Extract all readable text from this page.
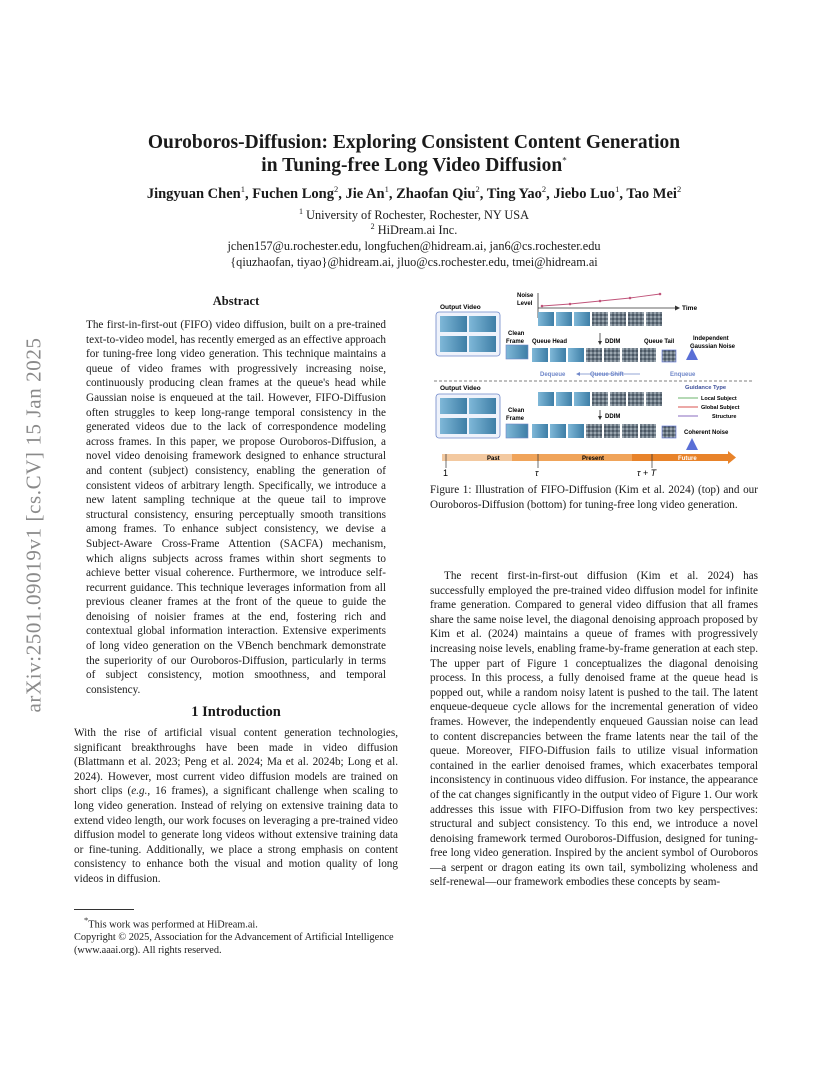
arXiv:2501.09019v1 [cs.CV] 15 Jan 2025
Ouroboros-Diffusion: Exploring Consistent Content Generation
in Tuning-free Long Video Diffusion*
Jingyuan Chen$^1$, Fuchen Long$^2$, Jie An$^1$, Zhaofan Qiu$^2$, Ting Yao$^2$, Jiebo Luo$^1$, Tao Mei$^2$
$^1$ University of Rochester, Rochester, NY USA
$^2$ HiDream.ai Inc.
jchen157@u.rochester.edu, longfuchen@hidream.ai, jan6@cs.rochester.edu
{qiuzhaofan, tiyao}@hidream.ai, jluo@cs.rochester.edu, tmei@hidream.ai
Abstract
The first-in-first-out (FIFO) video diffusion, built on a pre-trained text-to-video model, has recently emerged as an effective approach for tuning-free long video generation. This technique maintains a queue of video frames with progressively increasing noise, continuously producing clean frames at the queue's head while Gaussian noise is enqueued at the tail. However, FIFO-Diffusion often struggles to keep long-range temporal consistency in the generated videos due to the lack of correspondence modeling across frames. In this paper, we propose Ouroboros-Diffusion, a novel video denoising framework designed to enhance structural and content (subject) consistency, enabling the generation of consistent videos of arbitrary length. Specifically, we introduce a new latent sampling technique at the queue tail to improve structural consistency, ensuring perceptually smooth transitions among frames. To enhance subject consistency, we devise a Subject-Aware Cross-Frame Attention (SACFA) mechanism, which aligns subjects across frames within short segments to achieve better visual coherence. Furthermore, we introduce self-recurrent guidance. This technique leverages information from all previous cleaner frames at the front of the queue to guide the denoising of noisier frames at the end, fostering rich and contextual global information interaction. Extensive experiments of long video generation on the VBench benchmark demonstrate the superiority of our Ouroboros-Diffusion, particularly in terms of subject consistency, motion smoothness, and temporal consistency.
1 Introduction
With the rise of artificial visual content generation technologies, significant breakthroughs have been made in video diffusion (Blattmann et al. 2023; Peng et al. 2024; Ma et al. 2024b; Long et al. 2024). However, most current video diffusion models are trained on short clips (e.g., 16 frames), a significant challenge when scaling to long video generation. Instead of relying on extensive training data to extend video length, our work focuses on leveraging a pre-trained video diffusion model to generate long videos without extensive training data or fine-tuning. Additionally, we place a strong emphasis on content consistency to enhance both the visual and motion quality of long videos in diffusion.
*This work was performed at HiDream.ai.
Copyright © 2025, Association for the Advancement of Artificial Intelligence (www.aaai.org). All rights reserved.
Output Video
Noise
Level
Time
Clean
Frame Queue Head	DDIM	Queue Tail	Independent
Gaussian Noise
Dequeue	Queue Shift	Enqueue
Output Video
Clean
Frame	DDIM
Guidance Type
Local Subject
Global Subject
Structure
Coherent Noise
Past	Present	Future
1	τ	τ + T
Figure 1: Illustration of FIFO-Diffusion (Kim et al. 2024) (top) and our Ouroboros-Diffusion (bottom) for tuning-free long video generation.
The recent first-in-first-out diffusion (Kim et al. 2024) has successfully employed the pre-trained video diffusion model for infinite frame generation. Compared to general video diffusion that all frames share the same noise level, the diagonal denoising approach proposed by Kim et al. (2024) maintains a queue of frames with progressively increasing noise levels, enabling frame-by-frame generation at each step. The upper part of Figure 1 conceptualizes the diagonal denoising process. In this process, a fully denoised frame at the queue head is popped out, while a random noisy latent is pushed to the tail. The latent enqueue-dequeue cycle allows for the incremental generation of video frames. However, the independently enqueued Gaussian noise can lead to content discrepancies between the frame latents near the tail of the queue. Moreover, FIFO-Diffusion fails to utilize visual information contained in the earlier denoised frames, which exacerbates temporal inconsistency in continuous video diffusion. For instance, the appearance of the cat changes significantly in the output video of Figure 1. Our work addresses this issue with FIFO-Diffusion from two key perspectives: structural and subject consistency. To this end, we introduce a novel denoising framework termed Ouroboros-Diffusion, designed for tuning-free long video generation. Inspired by the ancient symbol of Ouroboros—a serpent or dragon eating its own tail, symbolizing wholeness and self-renewal—our framework embodies these concepts by seam-
